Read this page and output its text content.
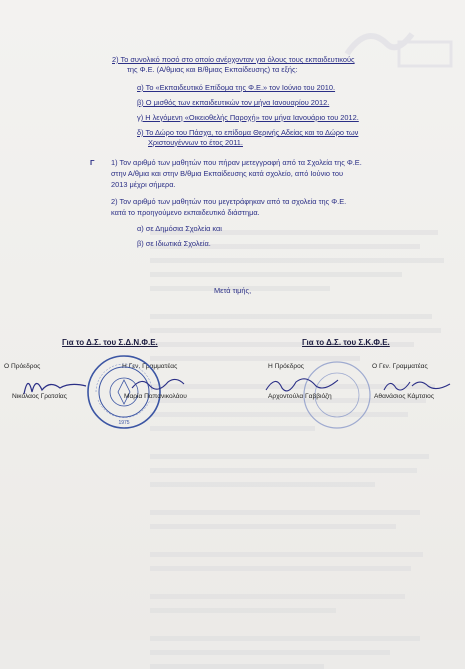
2) Το συνολικό ποσό στο οποίο ανέρχονταν για όλους τους εκπαιδευτικούς
της Φ.Ε. (Α/θμιας και Β/θμιας Εκπαίδευσης) τα εξής:
α) Το «Εκπαιδευτικό Επίδομα της Φ.Ε.» τον Ιούνιο του 2010.
β) Ο μισθός των εκπαιδευτικών τον μήνα Ιανουαρίου 2012.
γ) Η λεγόμενη «Οικειοθελής Παροχή» τον μήνα Ιανουάριο του 2012.
δ) Το Δώρο του Πάσχα, το επίδομα Θερινής Αδείας και το Δώρο των
Χριστουγέννων το έτος 2011.
Γ 1) Τον αριθμό των μαθητών που πήραν μετεγγραφή από τα Σχολεία της Φ.Ε.
στην Α/θμια και στην Β/θμια Εκπαίδευσης κατά σχολείο, από Ιούνιο του
2013 μέχρι σήμερα.
2) Τον αριθμό των μαθητών που μεγετράφηκαν από τα σχολεία της Φ.Ε.
κατά το προηγούμενο εκπαιδευτικό διάστημα.
α) σε Δημόσια Σχολεία και
β) σε Ιδιωτικά Σχολεία.
Μετά τιμής,
Για το Δ.Σ. του Σ.Δ.Ν.Φ.Ε.
Ο Πρόεδρος	Η Γεν. Γραμματέας
1975
Νικόλαος Γρατσίας	Μαρία Παπανικολάου
Για το Δ.Σ. του Σ.Κ.Φ.Ε.
Η Πρόεδρος	Ο Γεν. Γραμματέας
Αρχοντούλα Γαββιόζη	Αθανάσιος Κάμτσιος
